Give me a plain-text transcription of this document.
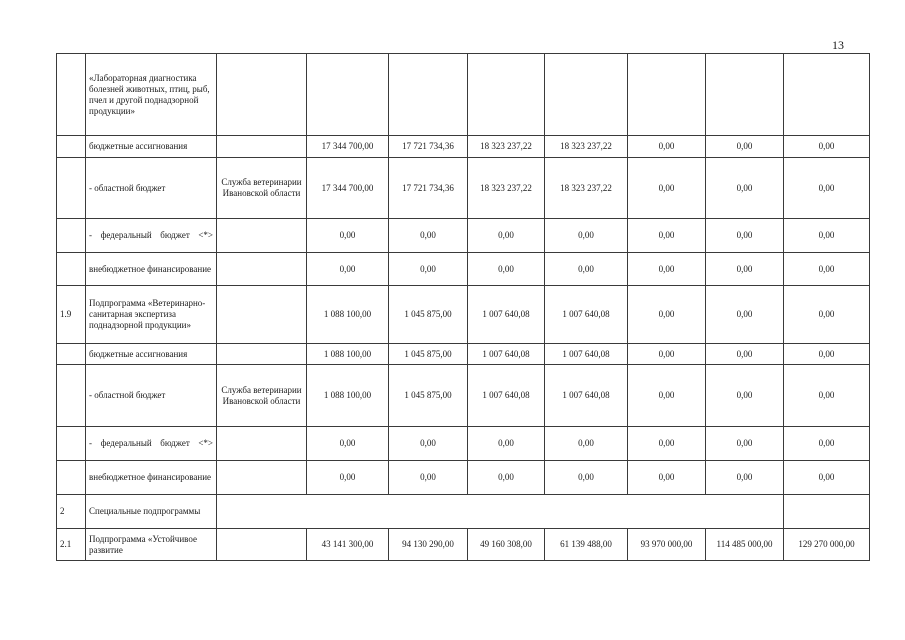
13
	«Лабораторная диагностика болезней животных, птиц, рыб, пчел и другой поднадзорной продукции»								
	бюджетные ассигнования		17 344 700,00	17 721 734,36	18 323 237,22	18 323 237,22	0,00	0,00	0,00
	- областной бюджет	Служба ветеринарии Ивановской области	17 344 700,00	17 721 734,36	18 323 237,22	18 323 237,22	0,00	0,00	0,00
	- федеральный бюджет <*>		0,00	0,00	0,00	0,00	0,00	0,00	0,00
	внебюджетное финансирование		0,00	0,00	0,00	0,00	0,00	0,00	0,00
1.9	Подпрограмма «Ветеринарно-санитарная экспертиза поднадзорной продукции»		1 088 100,00	1 045 875,00	1 007 640,08	1 007 640,08	0,00	0,00	0,00
	бюджетные ассигнования		1 088 100,00	1 045 875,00	1 007 640,08	1 007 640,08	0,00	0,00	0,00
	- областной бюджет	Служба ветеринарии Ивановской области	1 088 100,00	1 045 875,00	1 007 640,08	1 007 640,08	0,00	0,00	0,00
	- федеральный бюджет <*>		0,00	0,00	0,00	0,00	0,00	0,00	0,00
	внебюджетное финансирование		0,00	0,00	0,00	0,00	0,00	0,00	0,00
2	Специальные подпрограммы								
2.1	Подпрограмма «Устойчивое развитие		43 141 300,00	94 130 290,00	49 160 308,00	61 139 488,00	93 970 000,00	114 485 000,00	129 270 000,00
